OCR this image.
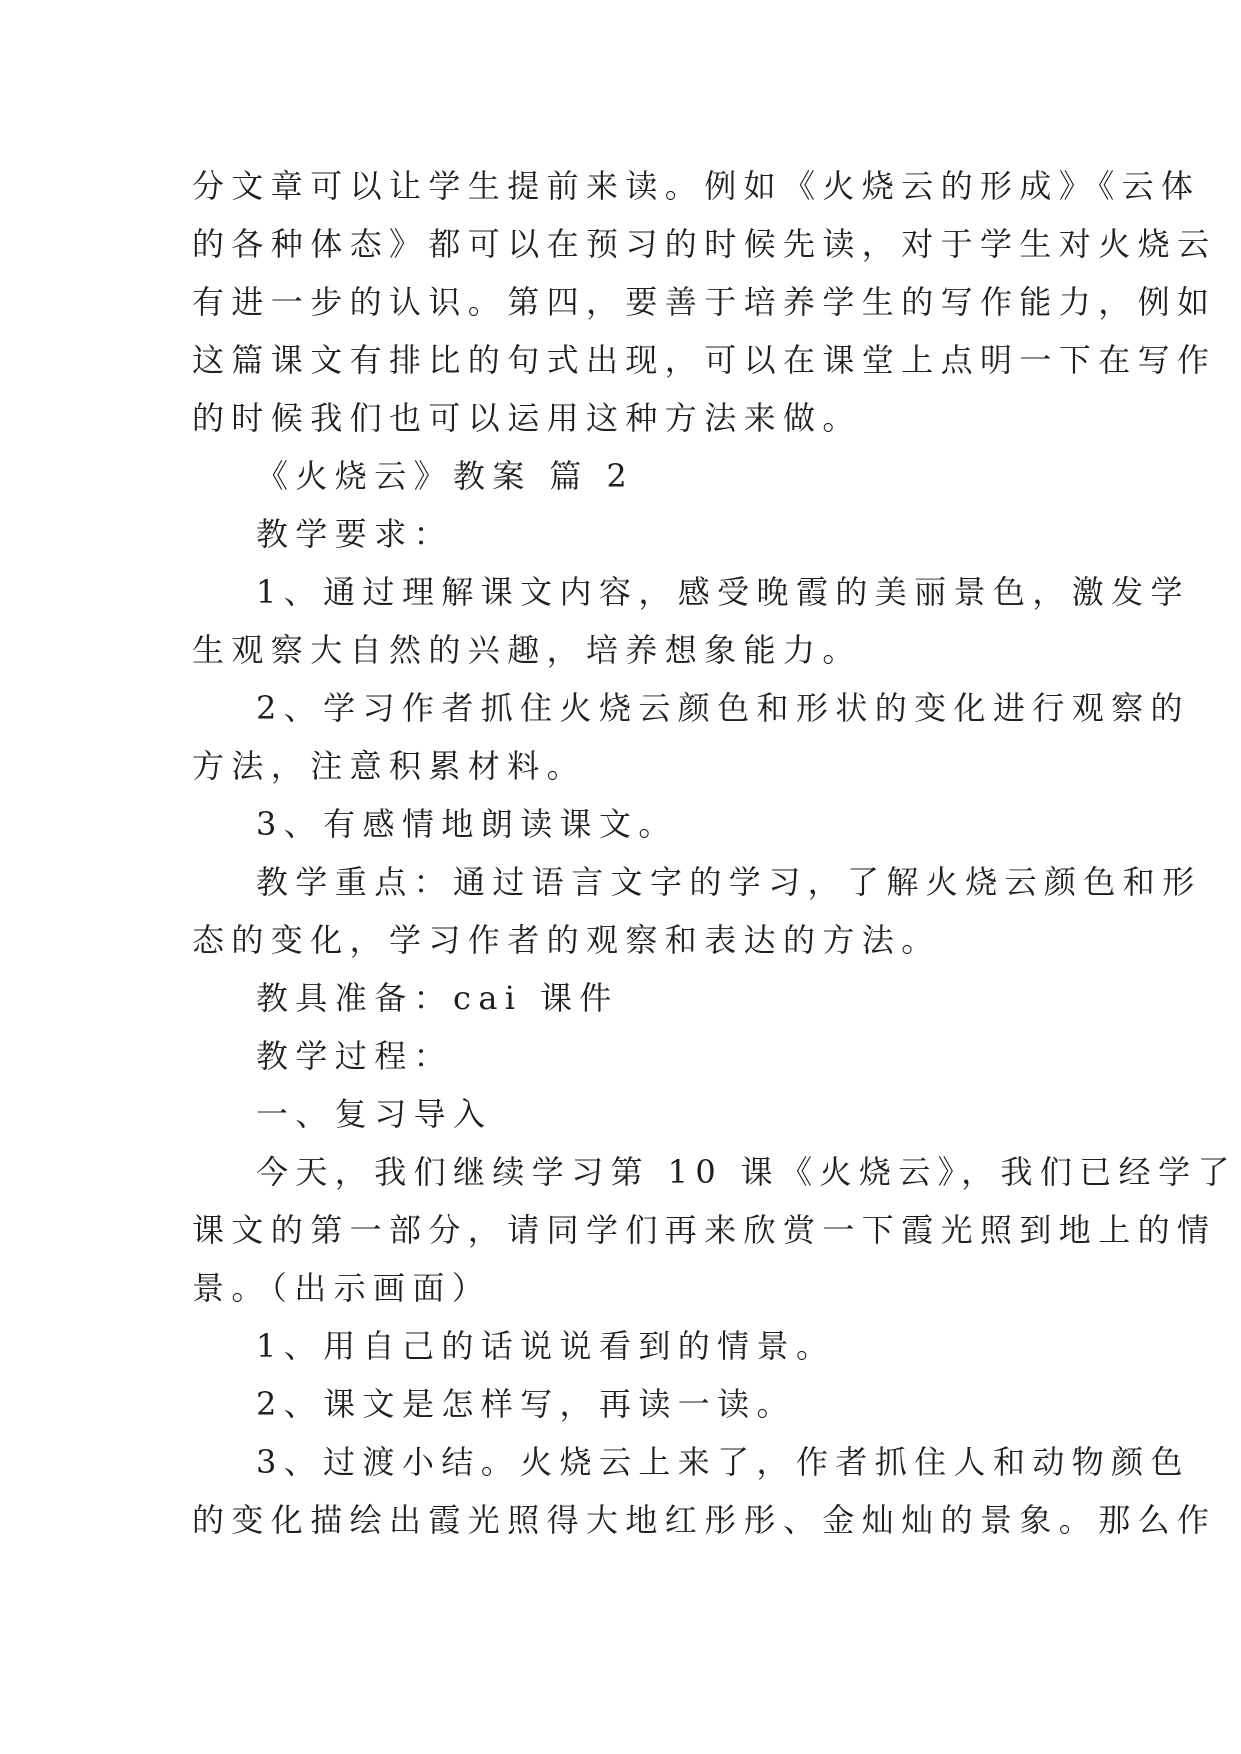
分文章可以让学生提前来读。例如《火烧云的形成》《云体
的各种体态》都可以在预习的时候先读，对于学生对火烧云
有进一步的认识。第四，要善于培养学生的写作能力，例如
这篇课文有排比的句式出现，可以在课堂上点明一下在写作
的时候我们也可以运用这种方法来做。
《火烧云》教案 篇 2
教学要求：
1、通过理解课文内容，感受晚霞的美丽景色，激发学
生观察大自然的兴趣，培养想象能力。
2、学习作者抓住火烧云颜色和形状的变化进行观察的
方法，注意积累材料。
3、有感情地朗读课文。
教学重点：通过语言文字的学习，了解火烧云颜色和形
态的变化，学习作者的观察和表达的方法。
教具准备：cai 课件
教学过程：
一、复习导入
今天，我们继续学习第 10 课《火烧云》，我们已经学了
课文的第一部分，请同学们再来欣赏一下霞光照到地上的情
景。（出示画面）
1、用自己的话说说看到的情景。
2、课文是怎样写，再读一读。
3、过渡小结。火烧云上来了，作者抓住人和动物颜色
的变化描绘出霞光照得大地红彤彤、金灿灿的景象。那么作
